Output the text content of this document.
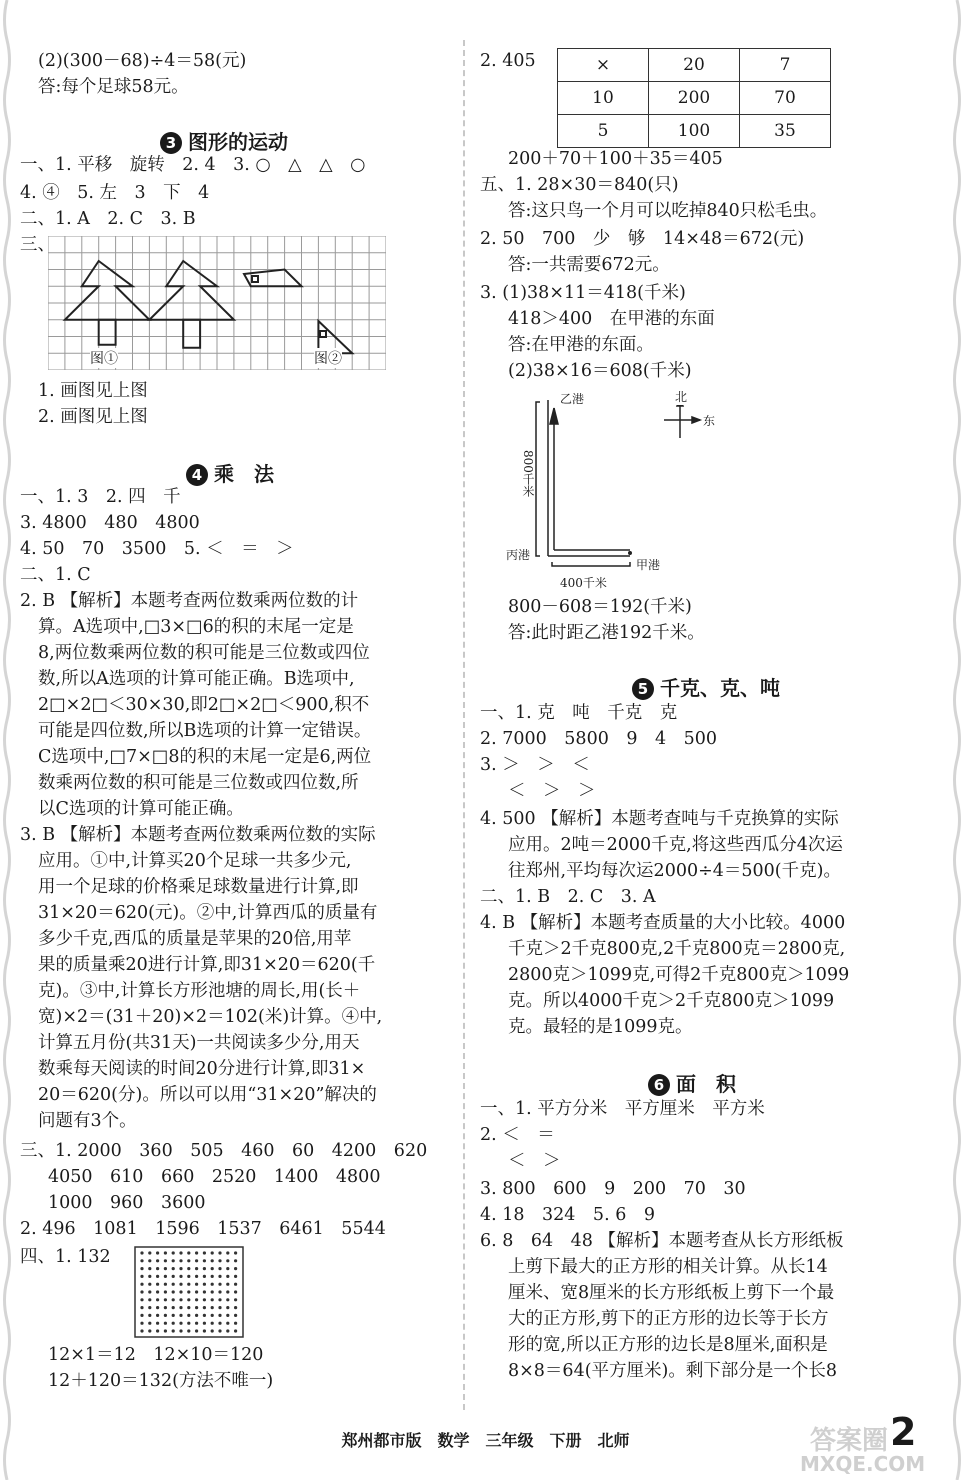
(2)(300－68)÷4＝58(元)
答:每个足球58元。
3 图形的运动
一、1. 平移　旋转　2. 4　3. ○　△　△　○
4. ④　5. 左　3　下　4
二、1. A　2. C　3. B
三、
图①	图②
1. 画图见上图
2. 画图见上图
4 乘　法
一、1. 3　2. 四　千
3. 4800　480　4800
4. 50　70　3500　5. ＜　＝　＞
二、1. C
2. B 【解析】本题考查两位数乘两位数的计
算。A选项中,□3×□6的积的末尾一定是
8,两位数乘两位数的积可能是三位数或四位
数,所以A选项的计算可能正确。B选项中,
2□×2□＜30×30,即2□×2□＜900,积不
可能是四位数,所以B选项的计算一定错误。
C选项中,□7×□8的积的末尾一定是6,两位
数乘两位数的积可能是三位数或四位数,所
以C选项的计算可能正确。
3. B 【解析】本题考查两位数乘两位数的实际
应用。①中,计算买20个足球一共多少元,
用一个足球的价格乘足球数量进行计算,即
31×20＝620(元)。②中,计算西瓜的质量有
多少千克,西瓜的质量是苹果的20倍,用苹
果的质量乘20进行计算,即31×20＝620(千
克)。③中,计算长方形池塘的周长,用(长＋
宽)×2＝(31＋20)×2＝102(米)计算。④中,
计算五月份(共31天)一共阅读多少分,用天
数乘每天阅读的时间20分进行计算,即31×
20＝620(分)。所以可以用“31×20”解决的
问题有3个。
三、1. 2000　360　505　460　60　4200　620
4050　610　660　2520　1400　4800
1000　960　3600
2. 496　1081　1596　1537　6461　5544
四、1. 132
12×1＝12　12×10＝120
12＋120＝132(方法不唯一)
2. 405	×	20	7
10	200	70
5	100	35
200＋70＋100＋35＝405
五、1. 28×30＝840(只)
答:这只鸟一个月可以吃掉840只松毛虫。
2. 50　700　少　够　14×48＝672(元)
答:一共需要672元。
3. (1)38×11＝418(千米)
418＞400　在甲港的东面
答:在甲港的东面。
(2)38×16＝608(千米)
乙港
丙港
甲港
北
东
800千米
400千米
800－608＝192(千米)
答:此时距乙港192千米。
5 千克、克、吨
一、1. 克　吨　千克　克
2. 7000　5800　9　4　500
3. ＞　＞　＜
＜　＞　＞
4. 500 【解析】本题考查吨与千克换算的实际
应用。2吨＝2000千克,将这些西瓜分4次运
往郑州,平均每次运2000÷4＝500(千克)。
二、1. B　2. C　3. A
4. B 【解析】本题考查质量的大小比较。4000
千克＞2千克800克,2千克800克＝2800克,
2800克＞1099克,可得2千克800克＞1099
克。所以4000千克＞2千克800克＞1099
克。最轻的是1099克。
6 面　积
一、1. 平方分米　平方厘米　平方米
2. ＜　＝
＜　＞
3. 800　600　9　200　70　30
4. 18　324　5. 6　9
6. 8　64　48 【解析】本题考查从长方形纸板
上剪下最大的正方形的相关计算。从长14
厘米、宽8厘米的长方形纸板上剪下一个最
大的正方形,剪下的正方形的边长等于长方
形的宽,所以正方形的边长是8厘米,面积是
8×8＝64(平方厘米)。剩下部分是一个长8
郑州都市版　数学　三年级　下册　北师	答案圈
MXQE.COM
2
